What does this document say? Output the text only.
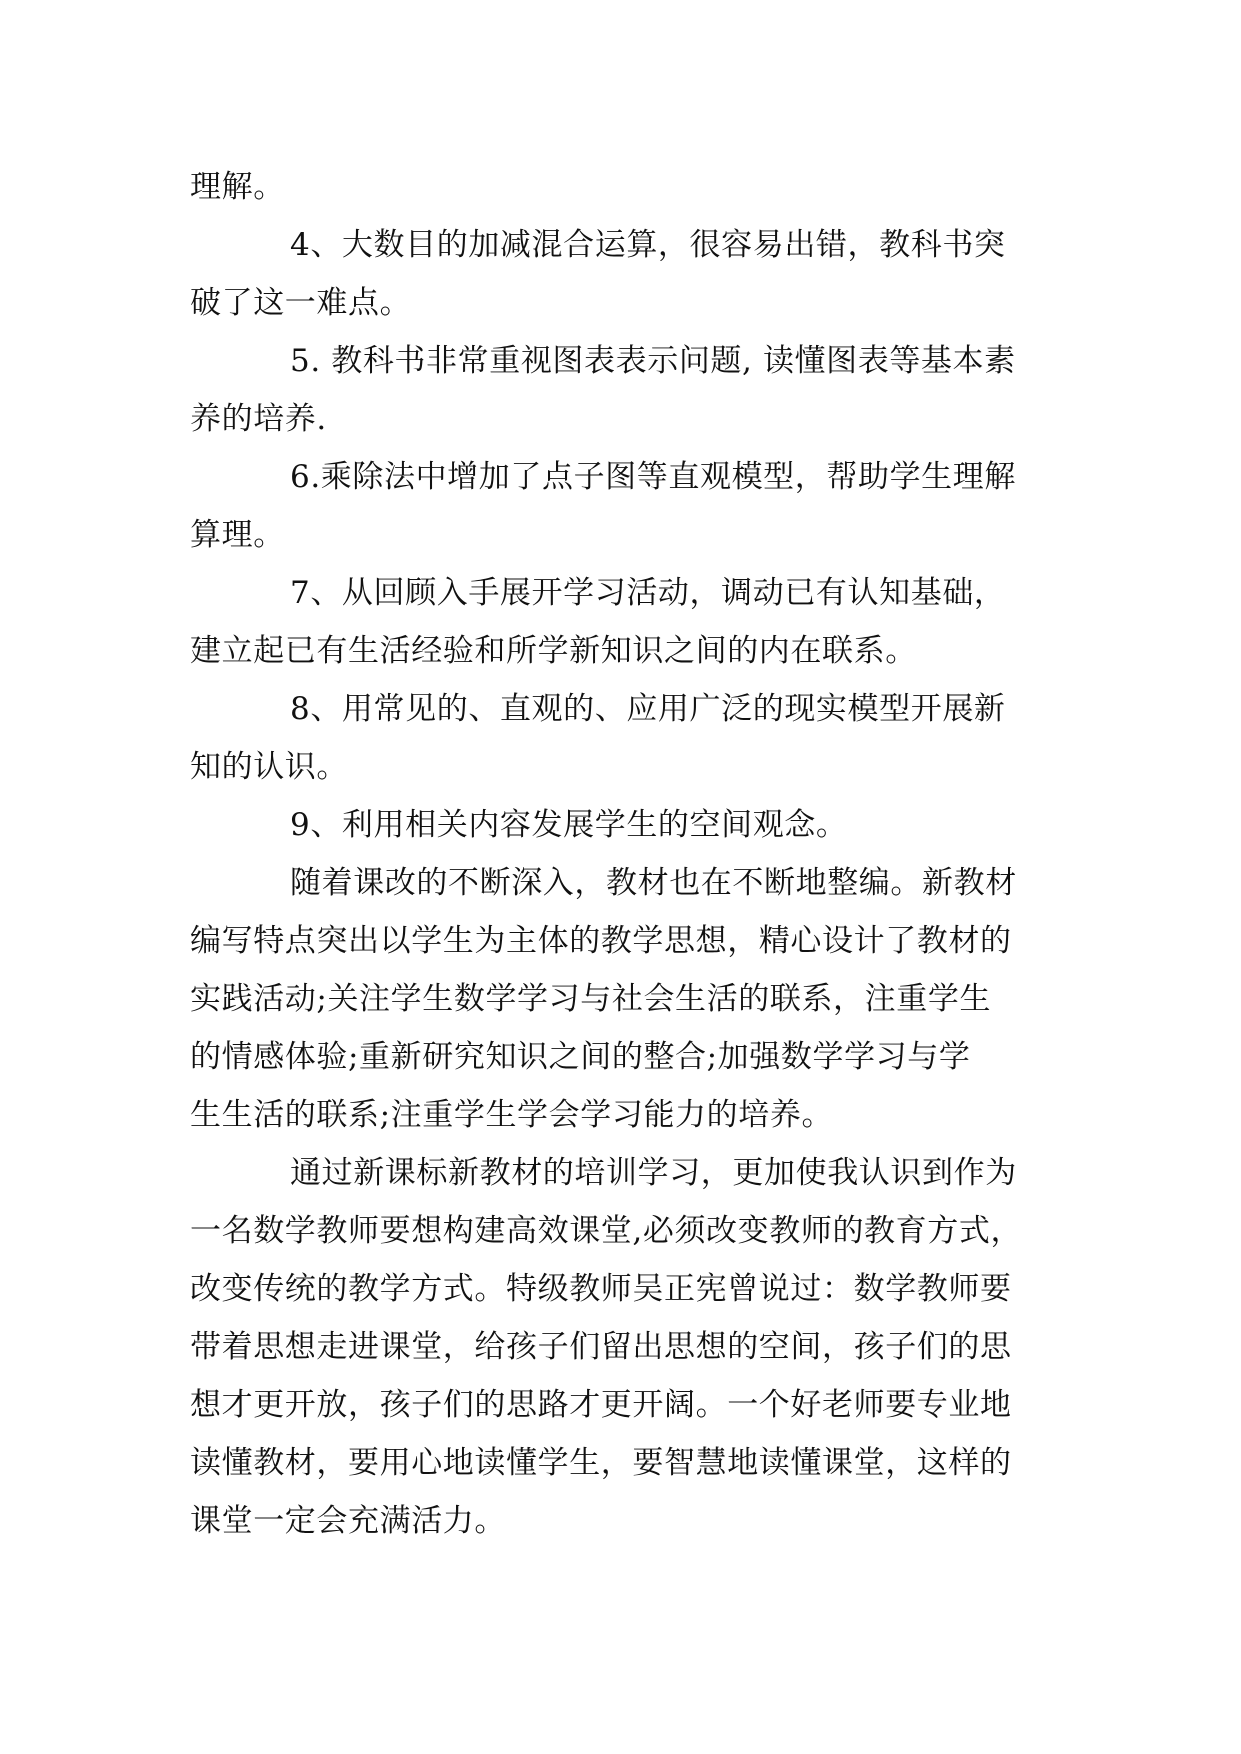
理解。
4、大数目的加减混合运算，很容易出错，教科书突
破了这一难点。
5. 教科书非常重视图表表示问题, 读懂图表等基本素
养的培养.
6.乘除法中增加了点子图等直观模型，帮助学生理解
算理。
7、从回顾入手展开学习活动，调动已有认知基础，
建立起已有生活经验和所学新知识之间的内在联系。
8、用常见的、直观的、应用广泛的现实模型开展新
知的认识。
9、利用相关内容发展学生的空间观念。
随着课改的不断深入，教材也在不断地整编。新教材
编写特点突出以学生为主体的教学思想，精心设计了教材的
实践活动;关注学生数学学习与社会生活的联系，注重学生
的情感体验;重新研究知识之间的整合;加强数学学习与学
生生活的联系;注重学生学会学习能力的培养。
通过新课标新教材的培训学习，更加使我认识到作为
一名数学教师要想构建高效课堂,必须改变教师的教育方式，
改变传统的教学方式。特级教师吴正宪曾说过：数学教师要
带着思想走进课堂，给孩子们留出思想的空间，孩子们的思
想才更开放，孩子们的思路才更开阔。一个好老师要专业地
读懂教材，要用心地读懂学生，要智慧地读懂课堂，这样的
课堂一定会充满活力。
